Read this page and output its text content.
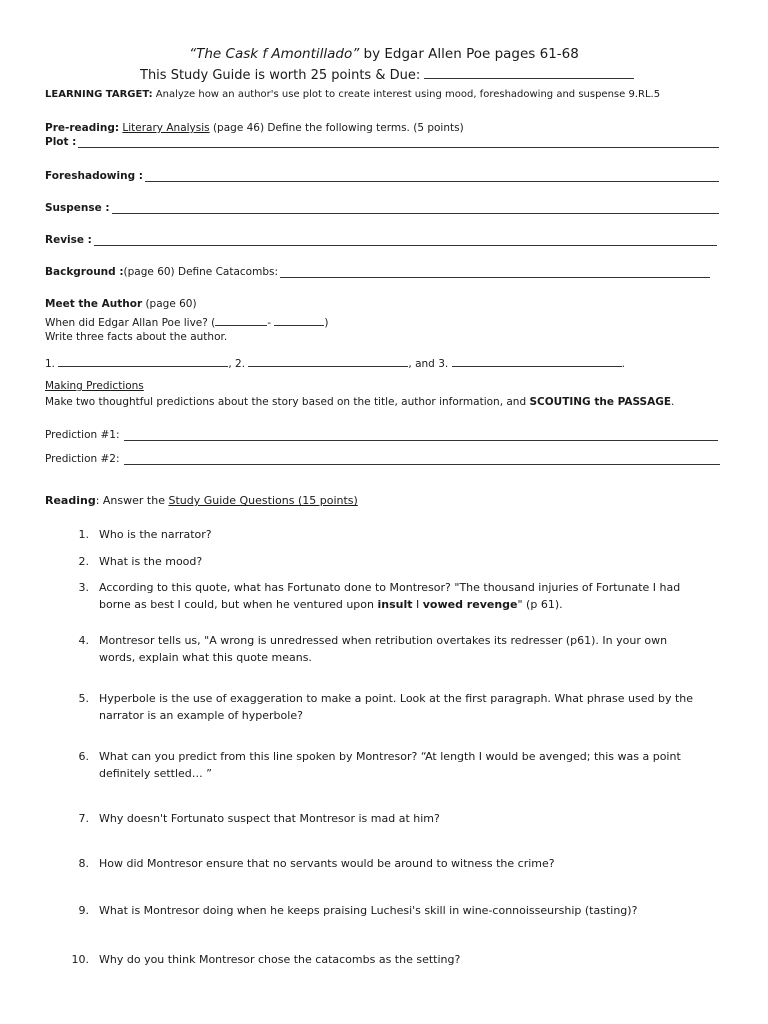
“The Cask f Amontillado” by Edgar Allen Poe pages 61-68
This Study Guide is worth 25 points & Due:
LEARNING TARGET: Analyze how an author's use plot to create interest using mood, foreshadowing and suspense 9.RL.5
Pre-reading: Literary Analysis (page 46) Define the following terms. (5 points)
Plot :
Foreshadowing :
Suspense :
Revise :
Background : (page 60) Define Catacombs:
Meet the Author (page 60)
When did Edgar Allan Poe live? (	-	)
Write three facts about the author.
1.	, 2.	, and 3.	.
Making Predictions
Make two thoughtful predictions about the story based on the title, author information, and SCOUTING the PASSAGE.
Prediction #1:
Prediction #2:
Reading: Answer the Study Guide Questions (15 points)
1. Who is the narrator?
2. What is the mood?
3. According to this quote, what has Fortunato done to Montresor? "The thousand injuries of Fortunate I had borne as best I could, but when he ventured upon insult I vowed revenge" (p 61).
4. Montresor tells us, "A wrong is unredressed when retribution overtakes its redresser (p61). In your own words, explain what this quote means.
5. Hyperbole is the use of exaggeration to make a point. Look at the first paragraph. What phrase used by the narrator is an example of hyperbole?
6. What can you predict from this line spoken by Montresor? “At length I would be avenged; this was a point definitely settled… ”
7. Why doesn't Fortunato suspect that Montresor is mad at him?
8. How did Montresor ensure that no servants would be around to witness the crime?
9. What is Montresor doing when he keeps praising Luchesi's skill in wine-connoisseurship (tasting)?
10. Why do you think Montresor chose the catacombs as the setting?
